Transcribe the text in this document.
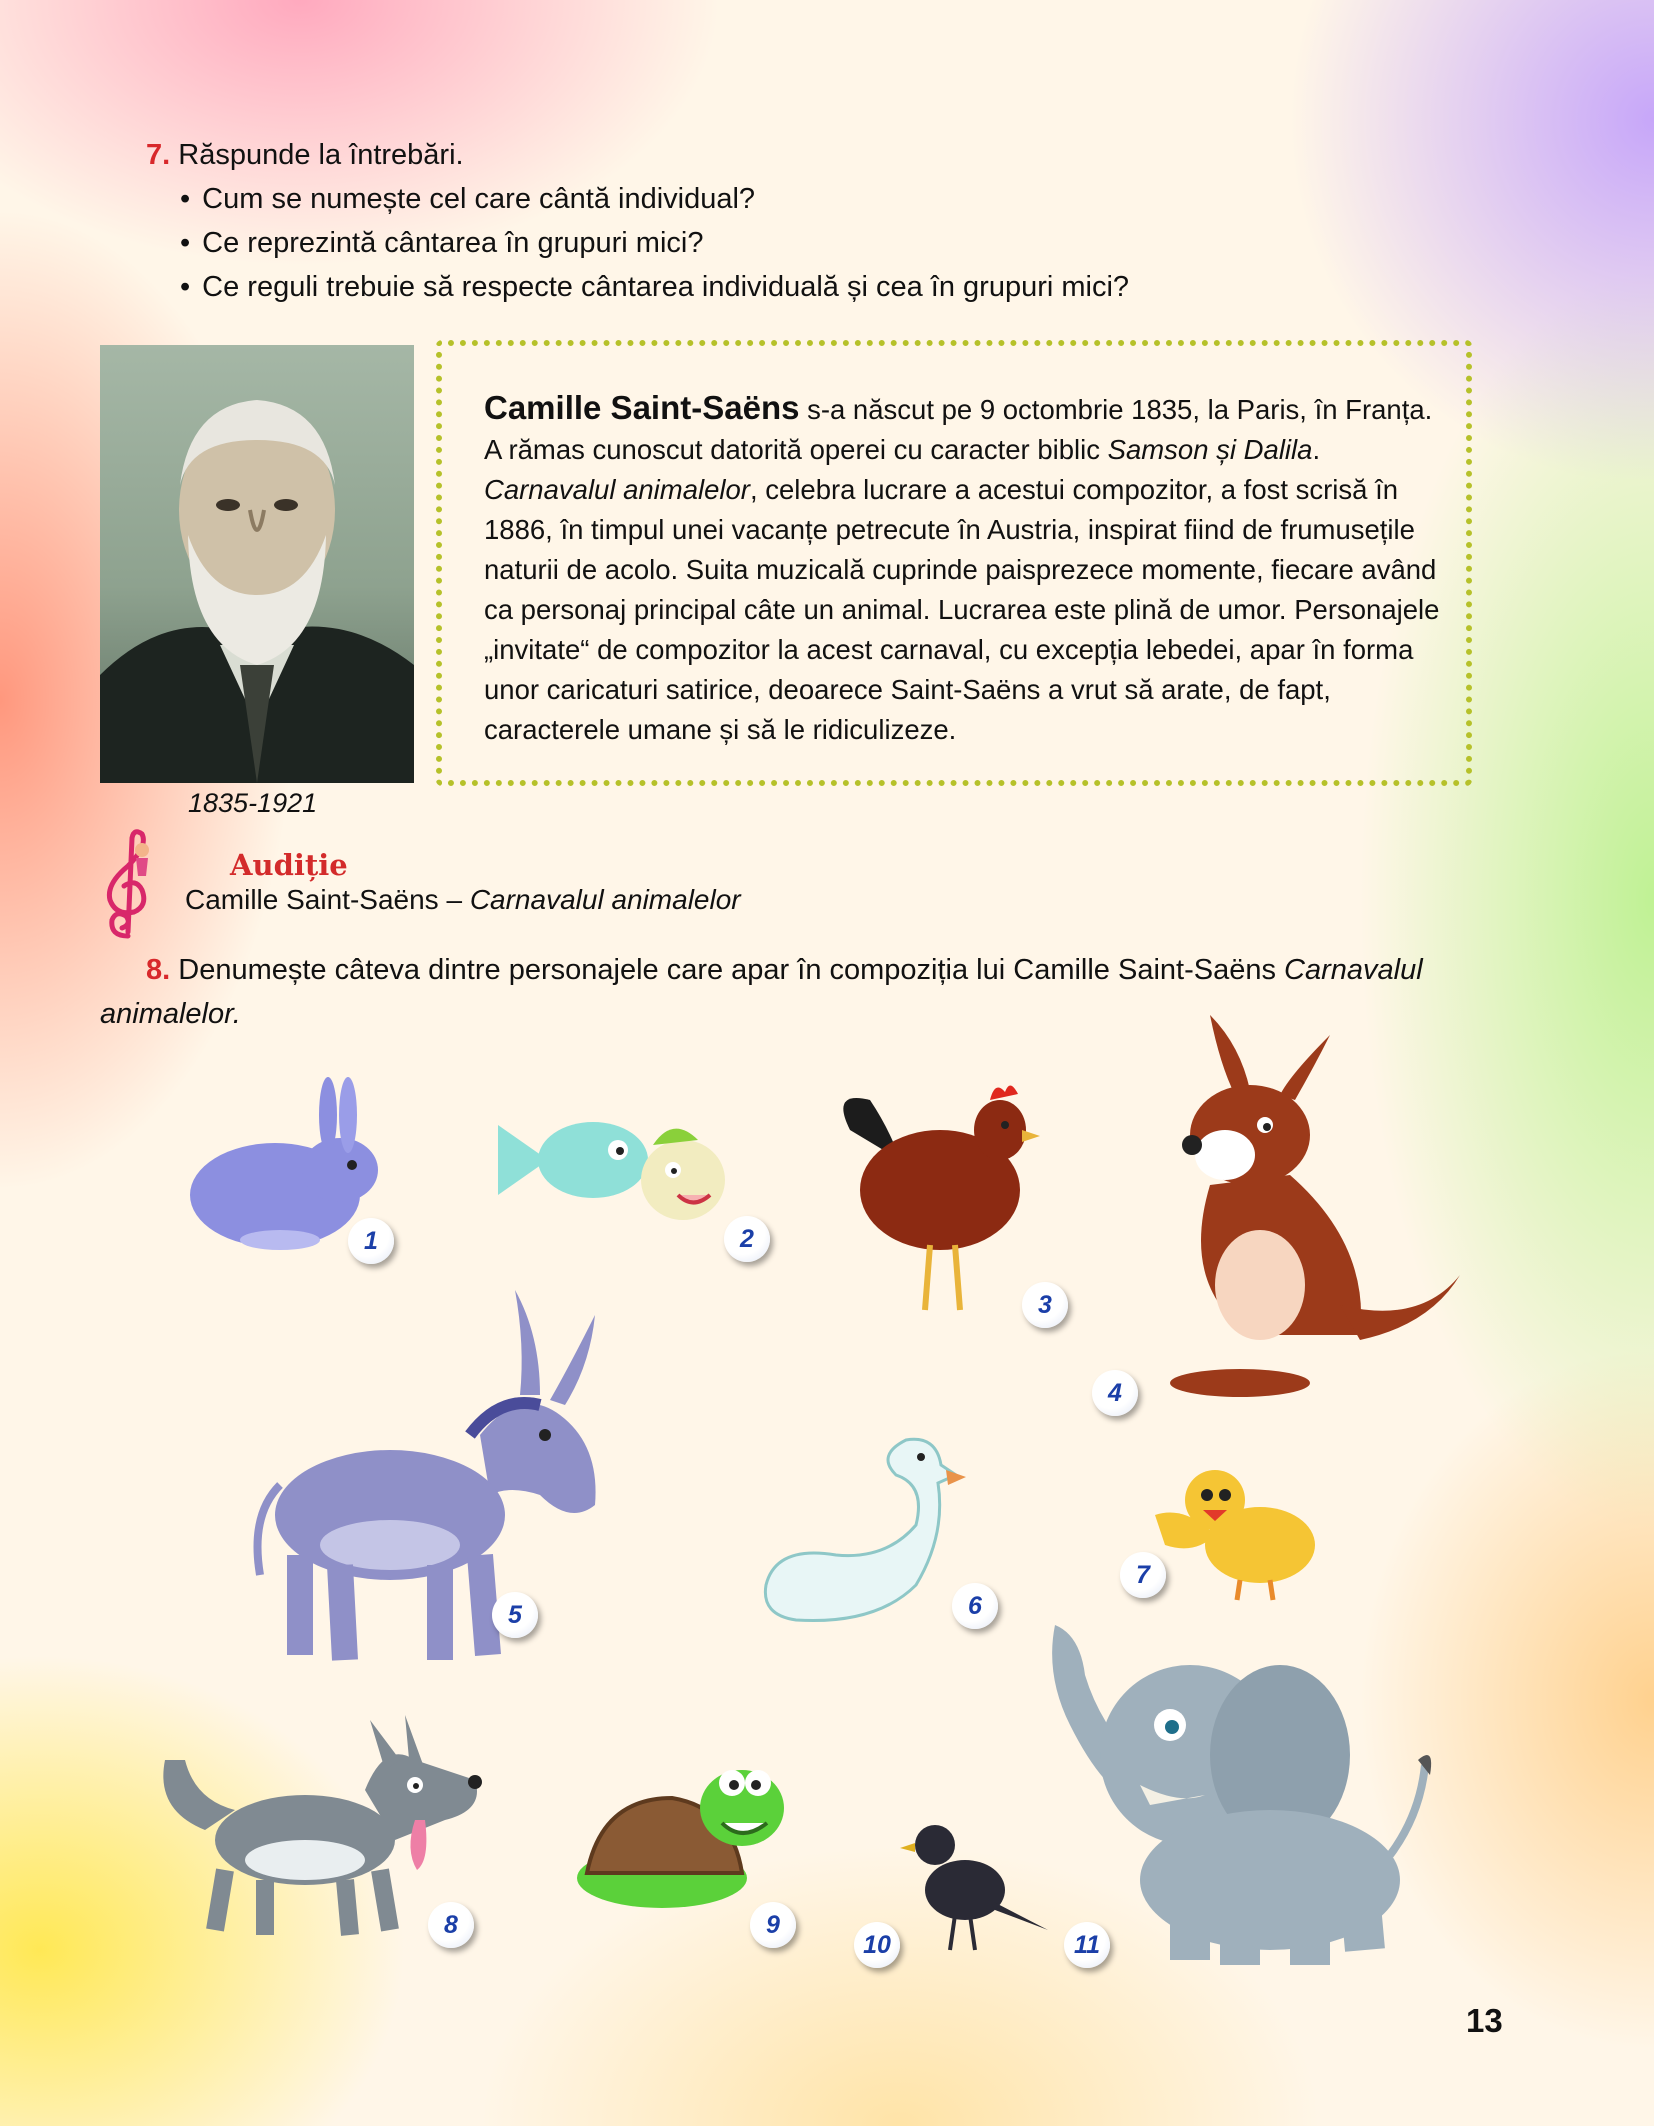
7. Răspunde la întrebări.
• Cum se numește cel care cântă individual?
• Ce reprezintă cântarea în grupuri mici?
• Ce reguli trebuie să respecte cântarea individuală și cea în grupuri mici?
1835-1921
Camille Saint-Saëns s-a născut pe 9 octombrie 1835, la Paris, în Franța. A rămas cunoscut datorită operei cu caracter biblic Samson și Dalila. Carnavalul animalelor, celebra lucrare a acestui compozitor, a fost scrisă în 1886, în timpul unei vacanțe petrecute în Austria, inspirat fiind de frumusețile naturii de acolo. Suita muzicală cuprinde paisprezece momente, fiecare având ca personaj principal câte un animal. Lucrarea este plină de umor. Personajele „invitate“ de compozitor la acest carnaval, cu excepția lebedei, apar în forma unor caricaturi satirice, deoarece Saint-Saëns a vrut să arate, de fapt, caracterele umane și să le ridiculizeze.
Audiție
Camille Saint-Saëns – Carnavalul animalelor
8. Denumește câteva dintre personajele care apar în compoziția lui Camille Saint-Saëns Carnavalul animalelor.
1	2
3
4
5	6
7
8	9
10	11
13
